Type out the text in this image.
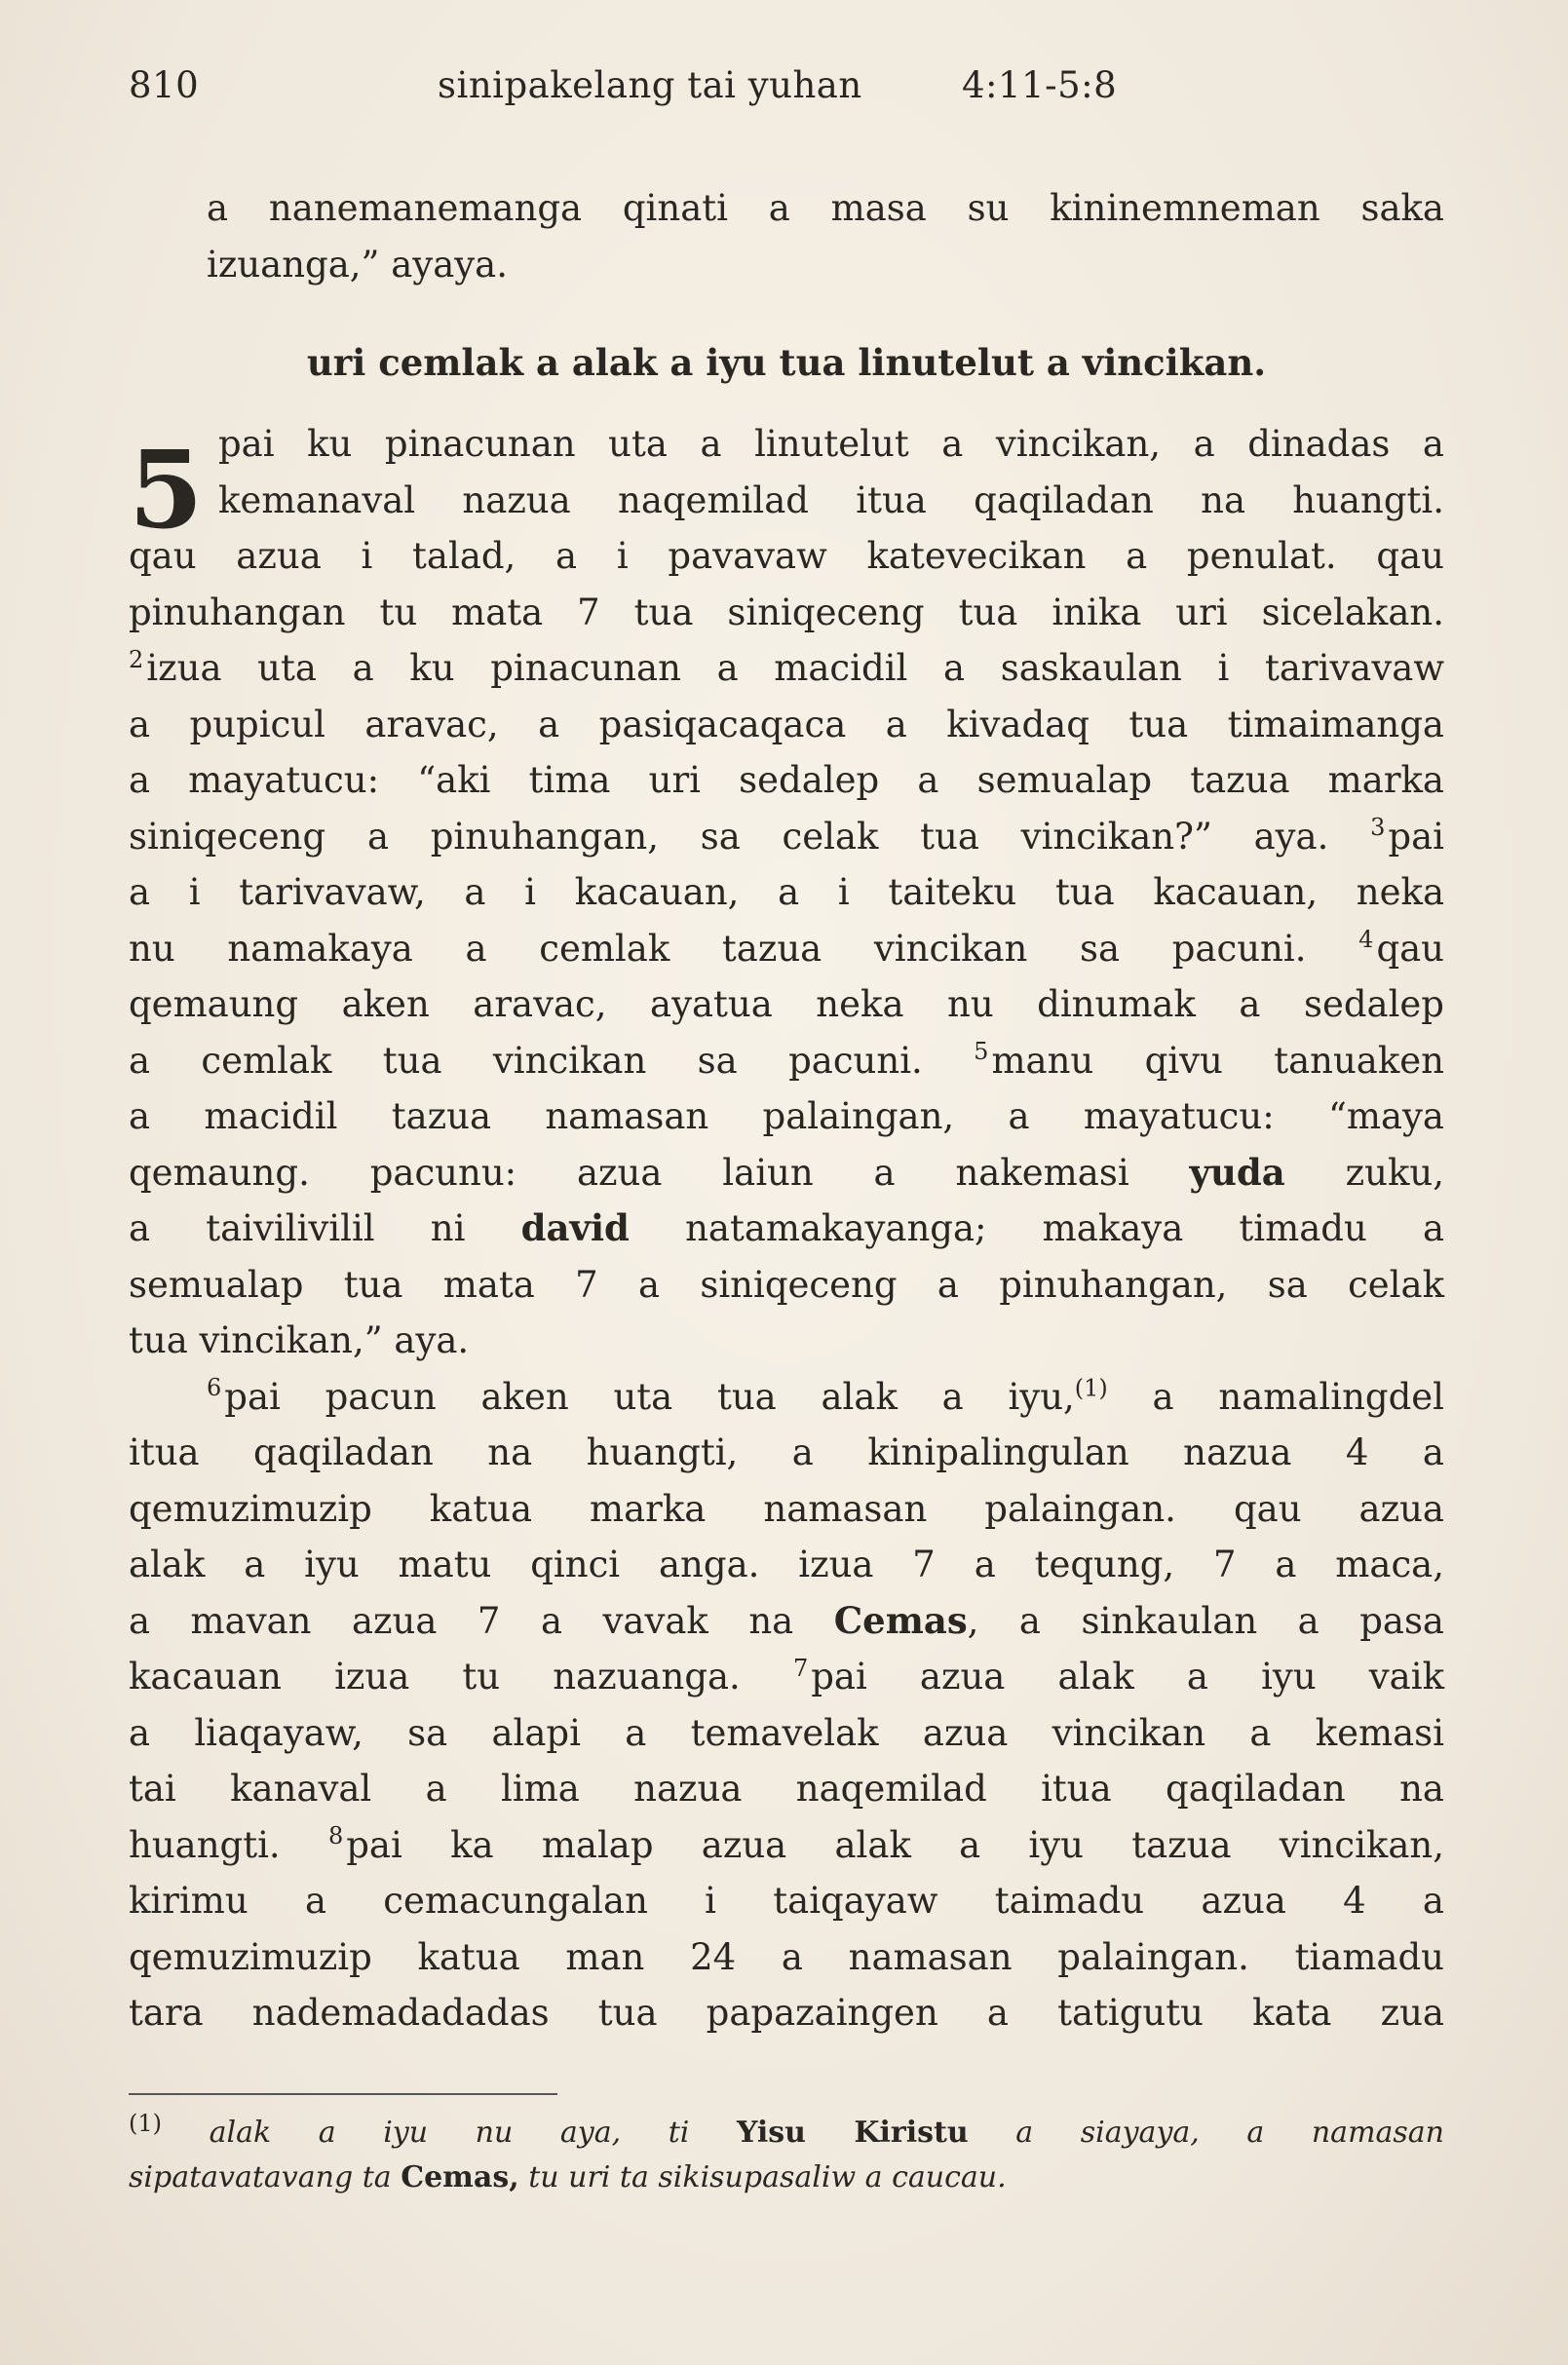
810	sinipakelang tai yuhan	4:11-5:8
a nanemanemanga qinati a masa su kininemneman saka
izuanga,” ayaya.
uri cemlak a alak a iyu tua linutelut a vincikan.
5 pai ku pinacunan uta a linutelut a vincikan, a dinadas a
kemanaval nazua naqemilad itua qaqiladan na huangti.
qau azua i talad, a i pavavaw katevecikan a penulat. qau
pinuhangan tu mata 7 tua siniqeceng tua inika uri sicelakan.
$^2$izua uta a ku pinacunan a macidil a saskaulan i tarivavaw
a pupicul aravac, a pasiqacaqaca a kivadaq tua timaimanga
a mayatucu: “aki tima uri sedalep a semualap tazua marka
siniqeceng a pinuhangan, sa celak tua vincikan?” aya. $^3$pai
a i tarivavaw, a i kacauan, a i taiteku tua kacauan, neka
nu namakaya a cemlak tazua vincikan sa pacuni. $^4$qau
qemaung aken aravac, ayatua neka nu dinumak a sedalep
a cemlak tua vincikan sa pacuni. $^5$manu qivu tanuaken
a macidil tazua namasan palaingan, a mayatucu: “maya
qemaung. pacunu: azua laiun a nakemasi yuda zuku,
a taivilivilil ni david natamakayanga; makaya timadu a
semualap tua mata 7 a siniqeceng a pinuhangan, sa celak
tua vincikan,” aya.
$^6$pai pacun aken uta tua alak a iyu,$^{(1)}$ a namalingdel
itua qaqiladan na huangti, a kinipalingulan nazua 4 a
qemuzimuzip katua marka namasan palaingan. qau azua
alak a iyu matu qinci anga. izua 7 a tequng, 7 a maca,
a mavan azua 7 a vavak na Cemas, a sinkaulan a pasa
kacauan izua tu nazuanga. $^7$pai azua alak a iyu vaik
a liaqayaw, sa alapi a temavelak azua vincikan a kemasi
tai kanaval a lima nazua naqemilad itua qaqiladan na
huangti. $^8$pai ka malap azua alak a iyu tazua vincikan,
kirimu a cemacungalan i taiqayaw taimadu azua 4 a
qemuzimuzip katua man 24 a namasan palaingan. tiamadu
tara nademadadadas tua papazaingen a tatigutu kata zua
$^{(1)}$ alak a iyu nu aya, ti Yisu Kiristu a siayaya, a namasan
sipatavatavang ta Cemas, tu uri ta sikisupasaliw a caucau.
